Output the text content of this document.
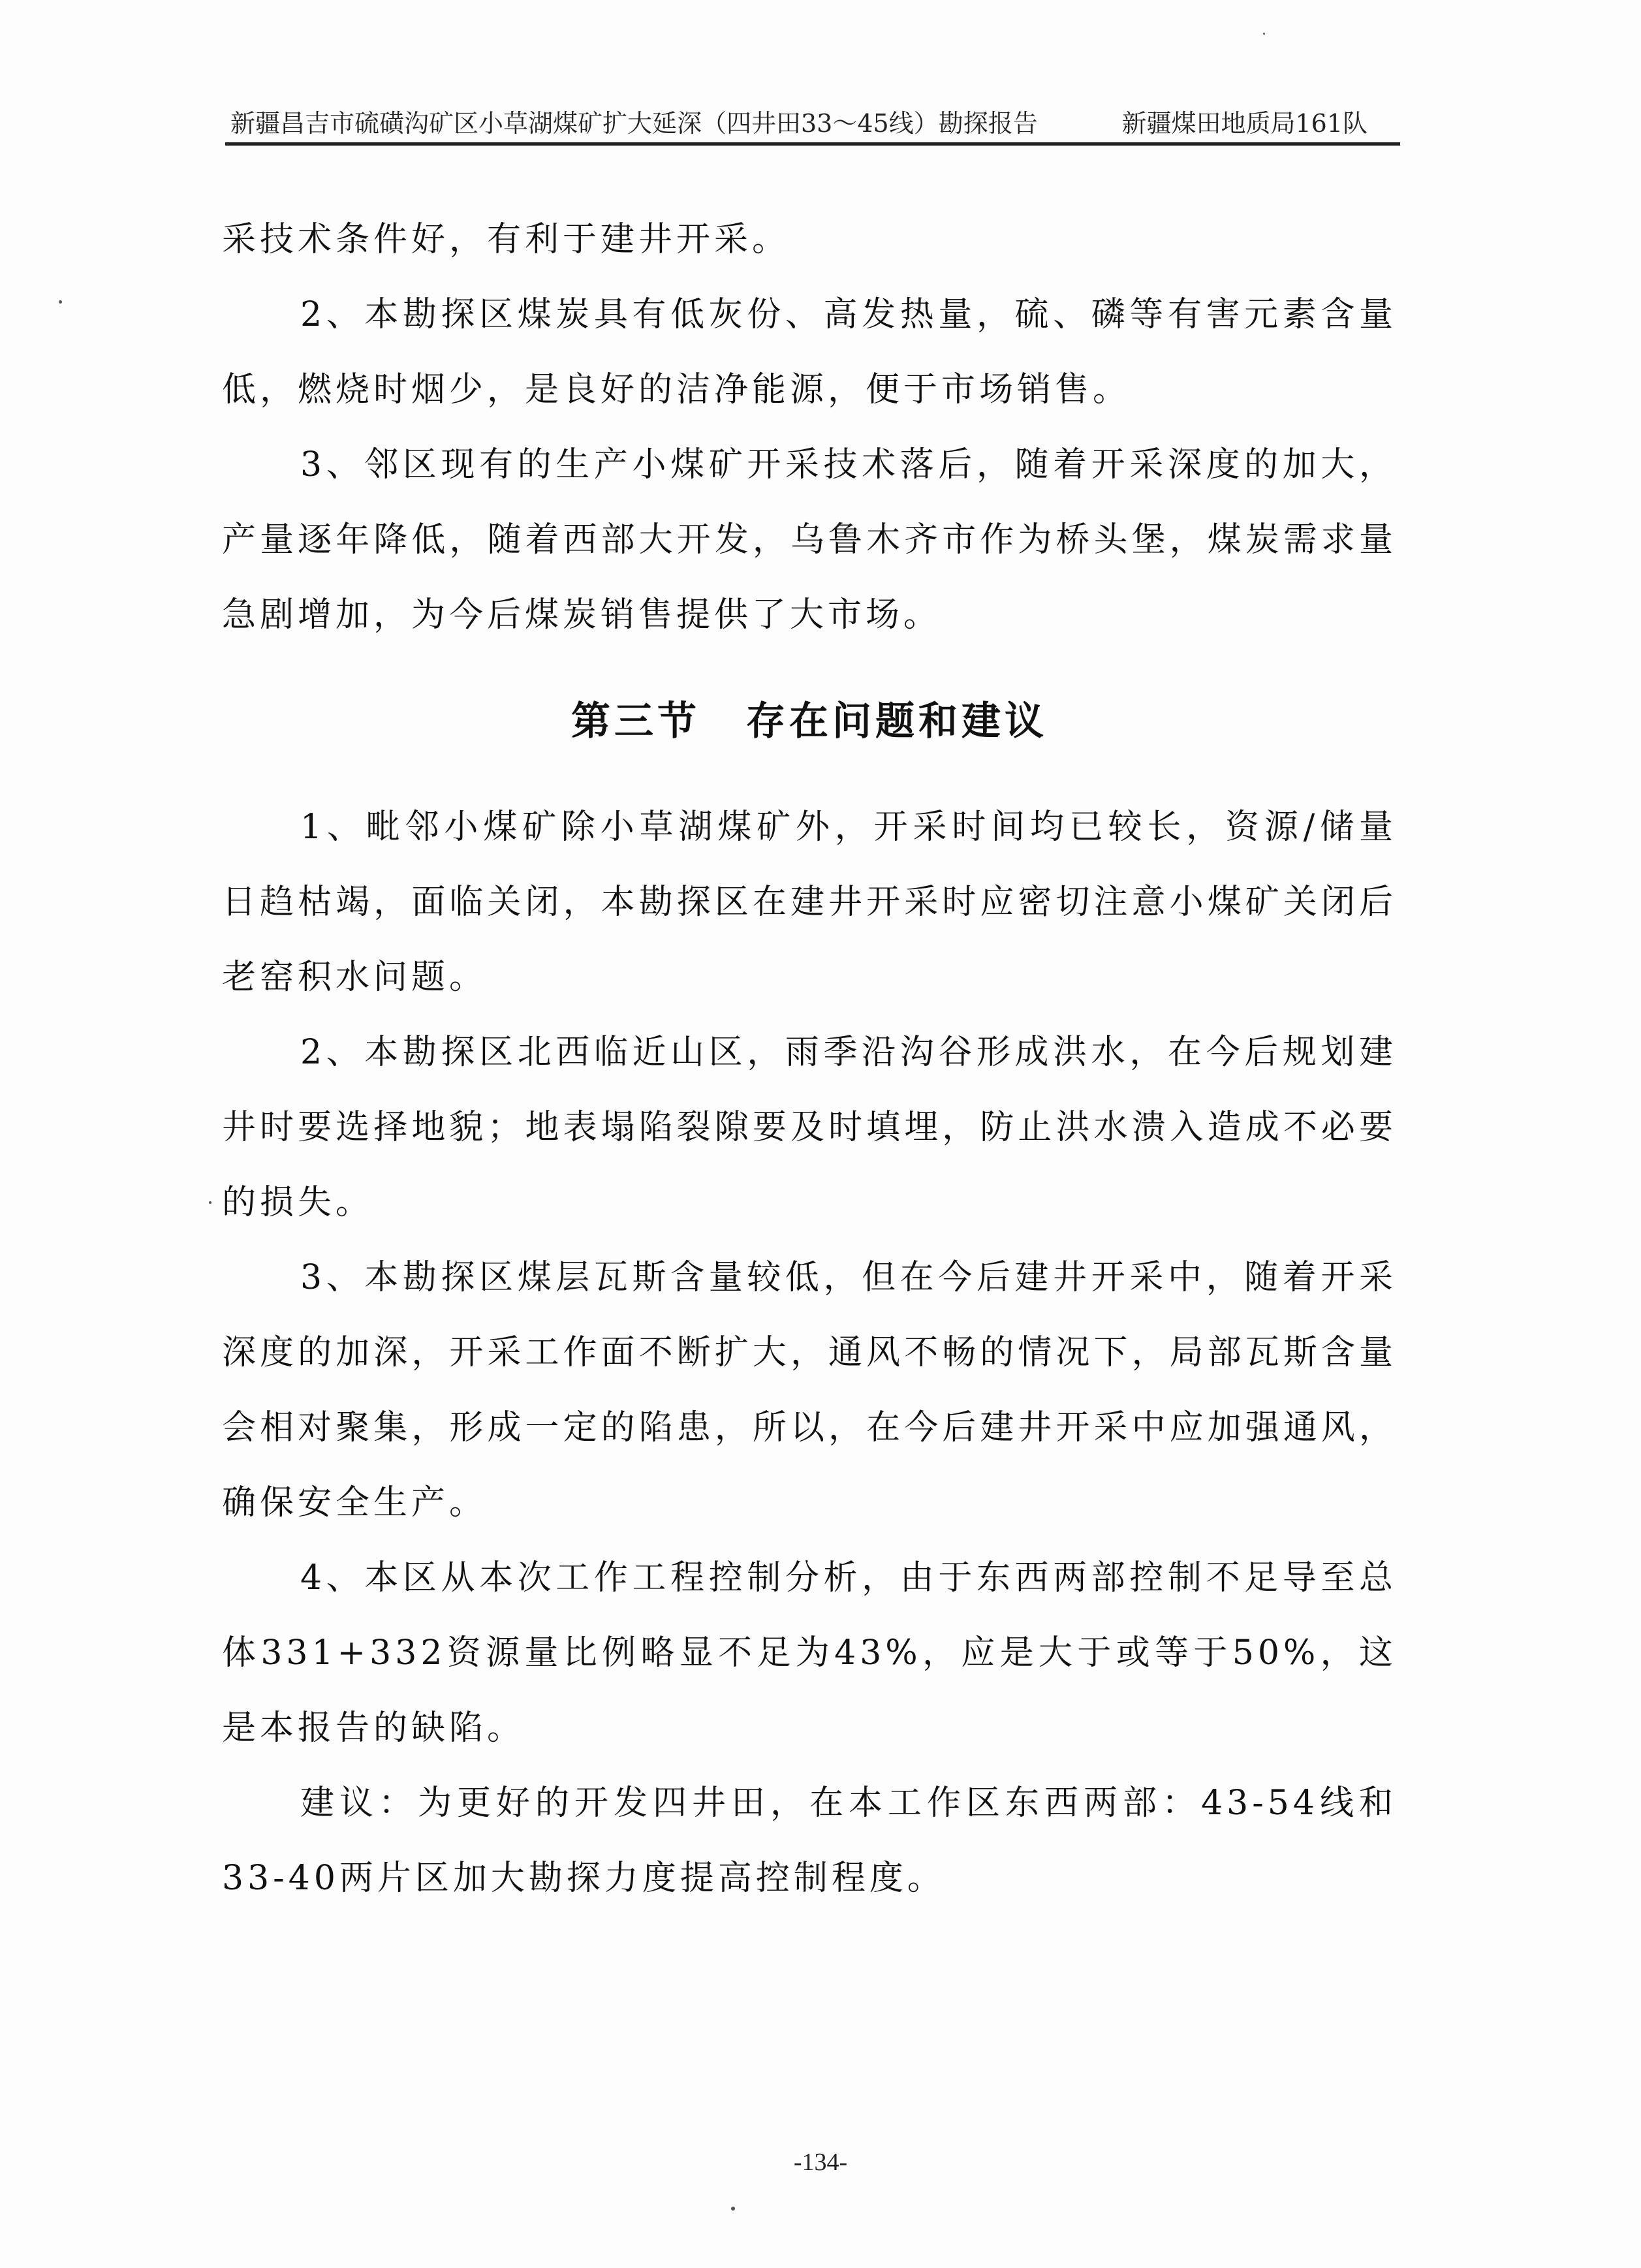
新疆昌吉市硫磺沟矿区小草湖煤矿扩大延深（四井田33～45线）勘探报告	新疆煤田地质局161队

采技术条件好，有利于建井开采。

2、本勘探区煤炭具有低灰份、高发热量，硫、磷等有害元素含量低，燃烧时烟少，是良好的洁净能源，便于市场销售。

3、邻区现有的生产小煤矿开采技术落后，随着开采深度的加大，产量逐年降低，随着西部大开发，乌鲁木齐市作为桥头堡，煤炭需求量急剧增加，为今后煤炭销售提供了大市场。

第三节 存在问题和建议

1、毗邻小煤矿除小草湖煤矿外，开采时间均已较长，资源/储量日趋枯竭，面临关闭，本勘探区在建井开采时应密切注意小煤矿关闭后老窑积水问题。

2、本勘探区北西临近山区，雨季沿沟谷形成洪水，在今后规划建井时要选择地貌；地表塌陷裂隙要及时填埋，防止洪水溃入造成不必要的损失。

3、本勘探区煤层瓦斯含量较低，但在今后建井开采中，随着开采深度的加深，开采工作面不断扩大，通风不畅的情况下，局部瓦斯含量会相对聚集，形成一定的陷患，所以，在今后建井开采中应加强通风，确保安全生产。

4、本区从本次工作工程控制分析，由于东西两部控制不足导至总体331+332资源量比例略显不足为43%，应是大于或等于50%，这是本报告的缺陷。

建议：为更好的开发四井田，在本工作区东西两部：43-54线和33-40两片区加大勘探力度提高控制程度。

-134-
